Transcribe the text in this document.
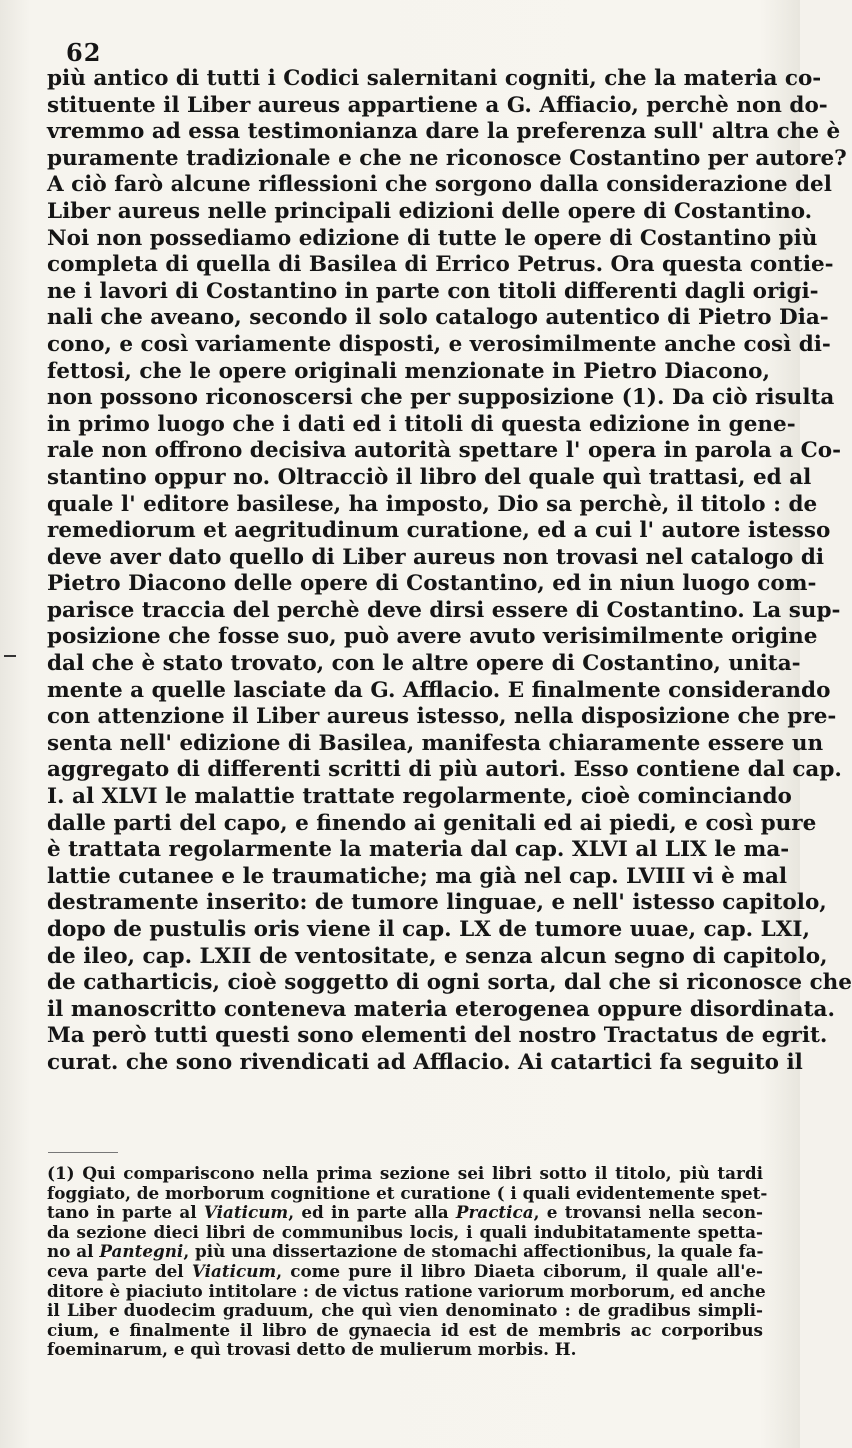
62
più antico di tutti i Codici salernitani cogniti, che la materia co-
stituente il Liber aureus appartiene a G. Affiacio, perchè non do-
vremmo ad essa testimonianza dare la preferenza sull' altra che è
puramente tradizionale e che ne riconosce Costantino per autore?
A ciò farò alcune riflessioni che sorgono dalla considerazione del
Liber aureus nelle principali edizioni delle opere di Costantino.
Noi non possediamo edizione di tutte le opere di Costantino più
completa di quella di Basilea di Errico Petrus. Ora questa contie-
ne i lavori di Costantino in parte con titoli differenti dagli origi-
nali che aveano, secondo il solo catalogo autentico di Pietro Dia-
cono, e così variamente disposti, e verosimilmente anche così di-
fettosi, che le opere originali menzionate in Pietro Diacono,
non possono riconoscersi che per supposizione (1). Da ciò risulta
in primo luogo che i dati ed i titoli di questa edizione in gene-
rale non offrono decisiva autorità spettare l' opera in parola a Co-
stantino oppur no. Oltracciò il libro del quale quì trattasi, ed al
quale l' editore basilese, ha imposto, Dio sa perchè, il titolo : de
remediorum et aegritudinum curatione, ed a cui l' autore istesso
deve aver dato quello di Liber aureus non trovasi nel catalogo di
Pietro Diacono delle opere di Costantino, ed in niun luogo com-
parisce traccia del perchè deve dirsi essere di Costantino. La sup-
posizione che fosse suo, può avere avuto verisimilmente origine
dal che è stato trovato, con le altre opere di Costantino, unita-
mente a quelle lasciate da G. Afflacio. E finalmente considerando
con attenzione il Liber aureus istesso, nella disposizione che pre-
senta nell' edizione di Basilea, manifesta chiaramente essere un
aggregato di differenti scritti di più autori. Esso contiene dal cap.
I. al XLVI le malattie trattate regolarmente, cioè cominciando
dalle parti del capo, e finendo ai genitali ed ai piedi, e così pure
è trattata regolarmente la materia dal cap. XLVI al LIX le ma-
lattie cutanee e le traumatiche; ma già nel cap. LVIII vi è mal
destramente inserito: de tumore linguae, e nell' istesso capitolo,
dopo de pustulis oris viene il cap. LX de tumore uuae, cap. LXI,
de ileo, cap. LXII de ventositate, e senza alcun segno di capitolo,
de catharticis, cioè soggetto di ogni sorta, dal che si riconosce che
il manoscritto conteneva materia eterogenea oppure disordinata.
Ma però tutti questi sono elementi del nostro Tractatus de egrit.
curat. che sono rivendicati ad Afflacio. Ai catartici fa seguito il
(1) Qui compariscono nella prima sezione sei libri sotto il titolo, più tardi
foggiato, de morborum cognitione et curatione ( i quali evidentemente spet-
tano in parte al Viaticum, ed in parte alla Practica, e trovansi nella secon-
da sezione dieci libri de communibus locis, i quali indubitatamente spetta-
no al Pantegni, più una dissertazione de stomachi affectionibus, la quale fa-
ceva parte del Viaticum, come pure il libro Diaeta ciborum, il quale all'e-
ditore è piaciuto intitolare : de victus ratione variorum morborum, ed anche
il Liber duodecim graduum, che quì vien denominato : de gradibus simpli-
cium, e finalmente il libro de gynaecia id est de membris ac corporibus
foeminarum, e quì trovasi detto de mulierum morbis. H.
